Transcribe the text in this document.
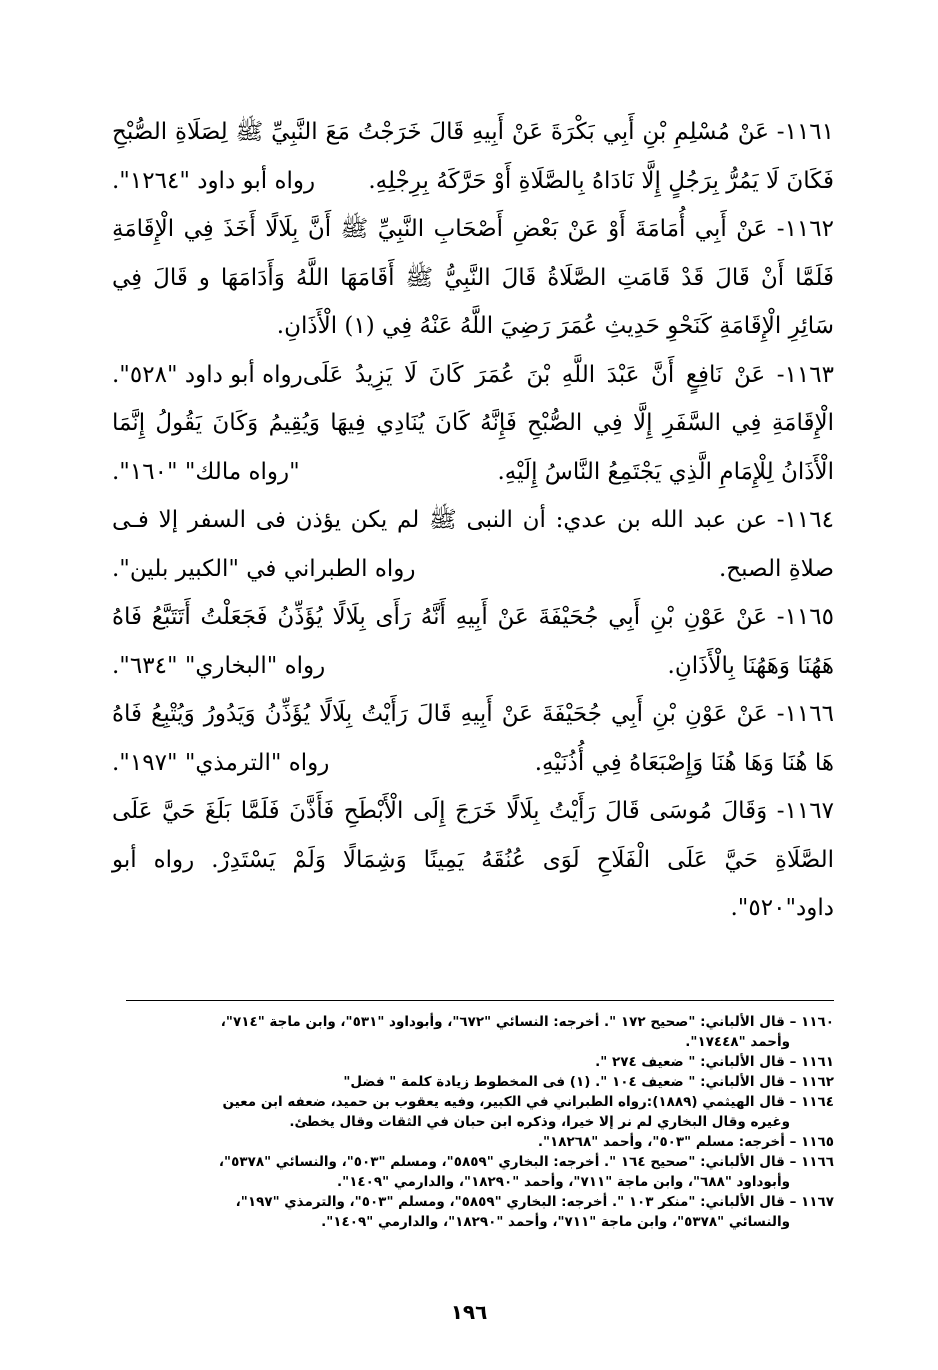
١١٦١- عَنْ مُسْلِمِ بْنِ أَبِي بَكْرَةَ عَنْ أَبِيهِ قَالَ خَرَجْتُ مَعَ النَّبِيِّ ﷺ لِصَلَاةِ الصُّبْحِ فَكَانَ لَا يَمُرُّ بِرَجُلٍ إِلَّا نَادَاهُ بِالصَّلَاةِ أَوْ حَرَّكَهُ بِرِجْلِهِ.
رواه أبو داود "١٢٦٤".

١١٦٢- عَنْ أَبِي أُمَامَةَ أَوْ عَنْ بَعْضِ أَصْحَابِ النَّبِيِّ ﷺ أَنَّ بِلَالًا أَخَذَ فِي الْإِقَامَةِ فَلَمَّا أَنْ قَالَ قَدْ قَامَتِ الصَّلَاةُ قَالَ النَّبِيُّ ﷺ أَقَامَهَا اللَّهُ وَأَدَامَهَا و قَالَ فِي سَائِرِ الْإِقَامَةِ كَنَحْوِ حَدِيثِ عُمَرَ رَضِيَ اللَّهُ عَنْهُ فِي (١) الْأَذَانِ.
رواه أبو داود "٥٢٨". ١١٦٣- عَنْ نَافِعٍ أَنَّ عَبْدَ اللَّهِ بْنَ عُمَرَ كَانَ لَا يَزِيدُ عَلَى الْإِقَامَةِ فِي السَّفَرِ إِلَّا فِي الصُّبْحِ فَإِنَّهُ كَانَ يُنَادِي فِيهَا وَيُقِيمُ وَكَانَ يَقُولُ إِنَّمَا الْأَذَانُ لِلْإِمَامِ الَّذِي يَجْتَمِعُ النَّاسُ إِلَيْهِ.
"رواه مالك" "١٦٠".

١١٦٤- عن عبد الله بن عدي: أن النبى ﷺ لم يكن يؤذن فى السفر إلا فـى صلاةِ الصبح.
رواه الطبراني في "الكبير بلين".

١١٦٥- عَنْ عَوْنِ بْنِ أَبِي جُحَيْفَةَ عَنْ أَبِيهِ أَنَّهُ رَأَى بِلَالًا يُؤَذِّنُ فَجَعَلْتُ أَتَتَبَّعُ فَاهُ هَهُنَا وَهَهُنَا بِالْأَذَانِ.
رواه "البخاري" "٦٣٤".

١١٦٦- عَنْ عَوْنِ بْنِ أَبِي جُحَيْفَةَ عَنْ أَبِيهِ قَالَ رَأَيْتُ بِلَالًا يُؤَذِّنُ وَيَدُورُ وَيُتْبِعُ فَاهُ هَا هُنَا وَهَا هُنَا وَإِصْبَعَاهُ فِي أُذُنَيْهِ.
رواه "الترمذي" "١٩٧".

١١٦٧- وَقَالَ مُوسَى قَالَ رَأَيْتُ بِلَالًا خَرَجَ إِلَى الْأَبْطَحِ فَأَذَّنَ فَلَمَّا بَلَغَ حَيَّ عَلَى الصَّلَاةِ حَيَّ عَلَى الْفَلَاحِ لَوَى عُنُقَهُ يَمِينًا وَشِمَالًا وَلَمْ يَسْتَدِرْ. رواه أبو داود"٥٢٠".

١١٦٠ – قال الألباني: "صحيح ١٧٢ ". أخرجه: النسائي "٦٧٢"، وأبوداود "٥٣١"، وابن ماجة "٧١٤"،

وأحمد "١٧٤٤٨".

١١٦١ – قال الألباني: " ضعيف ٢٧٤ ".

١١٦٢ – قال الألباني: " ضعيف ١٠٤ ". (١) فى المخطوط زيادة كلمة " فضل"

١١٦٤ – قال الهيثمي (١٨٨٩):رواه الطبراني في الكبير، وفيه يعقوب بن حميد، ضعفه ابن معين

وغيره وقال البخاري لم نر إلا خيرا، وذكره ابن حبان في الثقات وقال يخطئ.

١١٦٥ – أخرجه: مسلم "٥٠٣"، وأحمد "١٨٢٦٨".

١١٦٦ – قال الألباني: "صحيح ١٦٤ ". أخرجه: البخاري "٥٨٥٩"، ومسلم "٥٠٣"، والنسائي "٥٣٧٨"،

وأبوداود "٦٨٨"، وابن ماجة "٧١١"، وأحمد "١٨٢٩٠"، والدارمي "١٤٠٩".

١١٦٧ – قال الألباني: "منكر ١٠٣ ". أخرجه: البخاري "٥٨٥٩"، ومسلم "٥٠٣"، والترمذي "١٩٧"،

والنسائي "٥٣٧٨"، وابن ماجة "٧١١"، وأحمد "١٨٢٩٠"، والدارمي "١٤٠٩".

١٩٦
